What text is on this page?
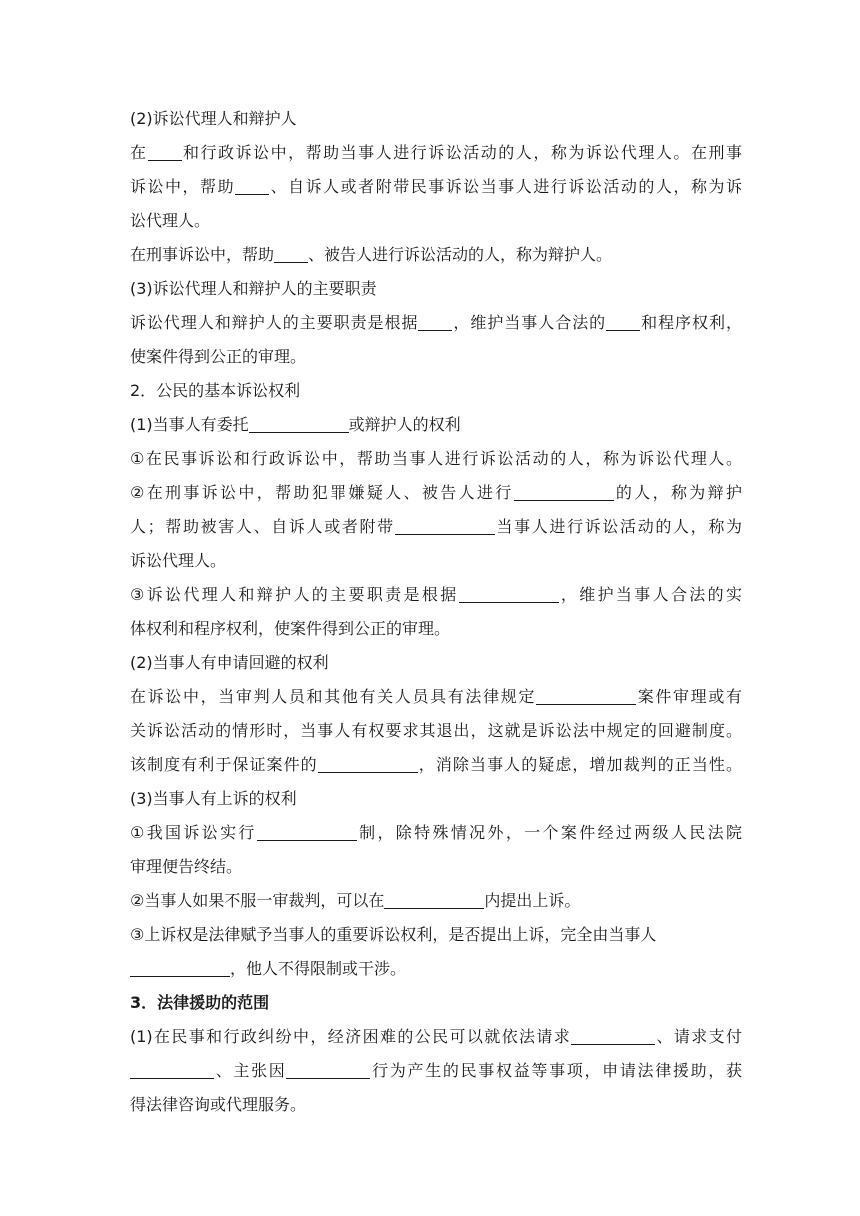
(2)诉讼代理人和辩护人
在 和行政诉讼中，帮助当事人进行诉讼活动的人，称为诉讼代理人。在刑事
诉讼中，帮助 、自诉人或者附带民事诉讼当事人进行诉讼活动的人，称为诉
讼代理人。
在刑事诉讼中，帮助 、被告人进行诉讼活动的人，称为辩护人。
(3)诉讼代理人和辩护人的主要职责
诉讼代理人和辩护人的主要职责是根据 ，维护当事人合法的 和程序权利，
使案件得到公正的审理。
2．公民的基本诉讼权利
(1)当事人有委托	或辩护人的权利
①在民事诉讼和行政诉讼中，帮助当事人进行诉讼活动的人，称为诉讼代理人。
②在刑事诉讼中，帮助犯罪嫌疑人、被告人进行	的人，称为辩护
人；帮助被害人、自诉人或者附带	当事人进行诉讼活动的人，称为
诉讼代理人。
③诉讼代理人和辩护人的主要职责是根据	，维护当事人合法的实
体权利和程序权利，使案件得到公正的审理。
(2)当事人有申请回避的权利
在诉讼中，当审判人员和其他有关人员具有法律规定	案件审理或有
关诉讼活动的情形时，当事人有权要求其退出，这就是诉讼法中规定的回避制度。
该制度有利于保证案件的	，消除当事人的疑虑，增加裁判的正当性。
(3)当事人有上诉的权利
①我国诉讼实行	制，除特殊情况外，一个案件经过两级人民法院
审理便告终结。
②当事人如果不服一审裁判，可以在	内提出上诉。
③上诉权是法律赋予当事人的重要诉讼权利，是否提出上诉，完全由当事人
，他人不得限制或干涉。
3．法律援助的范围
(1)在民事和行政纠纷中，经济困难的公民可以就依法请求	、请求支付
、主张因	行为产生的民事权益等事项，申请法律援助，获
得法律咨询或代理服务。
